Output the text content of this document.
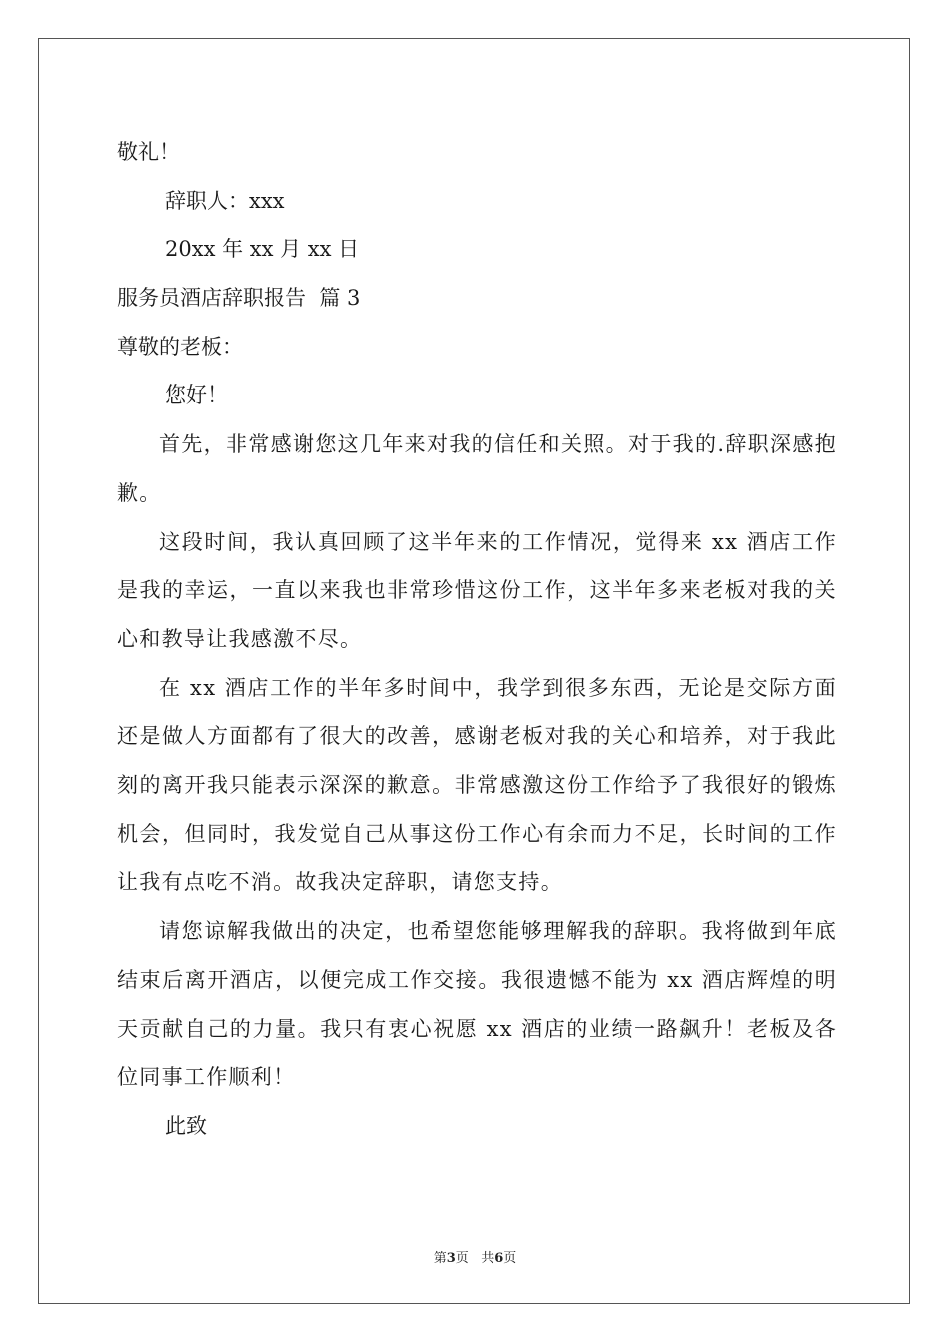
敬礼！

辞职人：xxx

20xx 年 xx 月 xx 日

服务员酒店辞职报告  篇 3

尊敬的老板：

您好！

首先，非常感谢您这几年来对我的信任和关照。对于我的.辞职深感抱歉。

这段时间，我认真回顾了这半年来的工作情况，觉得来 xx 酒店工作是我的幸运，一直以来我也非常珍惜这份工作，这半年多来老板对我的关心和教导让我感激不尽。

在 xx 酒店工作的半年多时间中，我学到很多东西，无论是交际方面还是做人方面都有了很大的改善，感谢老板对我的关心和培养，对于我此刻的离开我只能表示深深的歉意。非常感激这份工作给予了我很好的锻炼机会，但同时，我发觉自己从事这份工作心有余而力不足，长时间的工作让我有点吃不消。故我决定辞职，请您支持。

请您谅解我做出的决定，也希望您能够理解我的辞职。我将做到年底结束后离开酒店，以便完成工作交接。我很遗憾不能为 xx 酒店辉煌的明天贡献自己的力量。我只有衷心祝愿 xx 酒店的业绩一路飙升！老板及各位同事工作顺利！

此致

第3页   共6页
